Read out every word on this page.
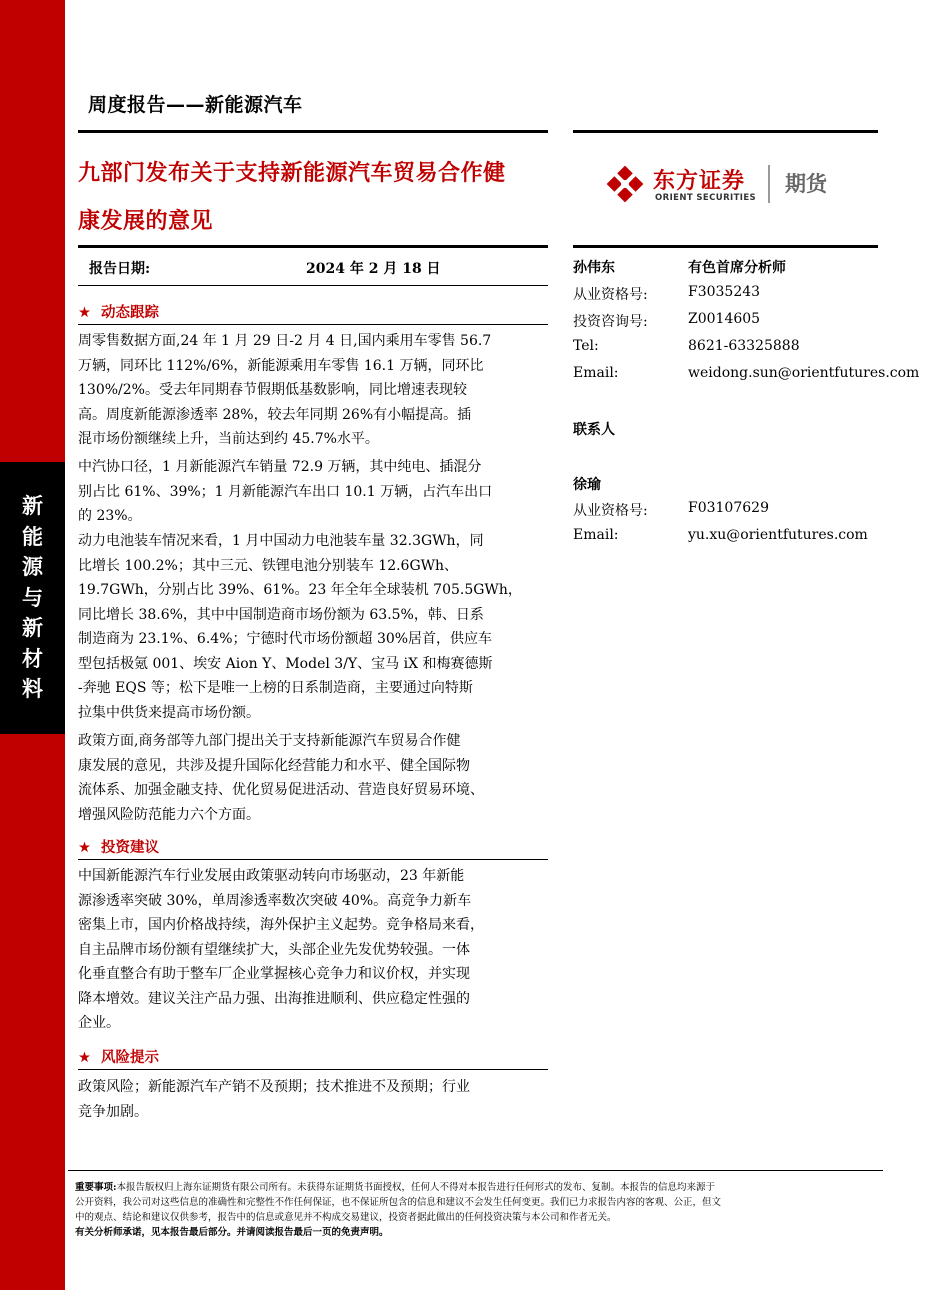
新
能
源
与
新
材
料
周度报告——新能源汽车
九部门发布关于支持新能源汽车贸易合作健
康发展的意见
东方证券
ORIENT SECURITIES
期货
报告日期:	2024 年 2 月 18 日
★ 动态跟踪
周零售数据方面,24 年 1 月 29 日-2 月 4 日,国内乘用车零售 56.7
万辆，同环比 112%/6%，新能源乘用车零售 16.1 万辆，同环比
130%/2%。受去年同期春节假期低基数影响，同比增速表现较
高。周度新能源渗透率 28%，较去年同期 26%有小幅提高。插
混市场份额继续上升，当前达到约 45.7%水平。
中汽协口径，1 月新能源汽车销量 72.9 万辆，其中纯电、插混分
别占比 61%、39%；1 月新能源汽车出口 10.1 万辆，占汽车出口
的 23%。
动力电池装车情况来看，1 月中国动力电池装车量 32.3GWh，同
比增长 100.2%；其中三元、铁锂电池分别装车 12.6GWh、
19.7GWh，分别占比 39%、61%。23 年全年全球装机 705.5GWh，
同比增长 38.6%，其中中国制造商市场份额为 63.5%，韩、日系
制造商为 23.1%、6.4%；宁德时代市场份额超 30%居首，供应车
型包括极氪 001、埃安 Aion Y、Model 3/Y、宝马 iX 和梅赛德斯
-奔驰 EQS 等；松下是唯一上榜的日系制造商，主要通过向特斯
拉集中供货来提高市场份额。
政策方面,商务部等九部门提出关于支持新能源汽车贸易合作健
康发展的意见，共涉及提升国际化经营能力和水平、健全国际物
流体系、加强金融支持、优化贸易促进活动、营造良好贸易环境、
增强风险防范能力六个方面。
★ 投资建议
中国新能源汽车行业发展由政策驱动转向市场驱动，23 年新能
源渗透率突破 30%，单周渗透率数次突破 40%。高竞争力新车
密集上市，国内价格战持续，海外保护主义起势。竞争格局来看，
自主品牌市场份额有望继续扩大，头部企业先发优势较强。一体
化垂直整合有助于整车厂企业掌握核心竞争力和议价权，并实现
降本增效。建议关注产品力强、出海推进顺利、供应稳定性强的
企业。
★ 风险提示
政策风险；新能源汽车产销不及预期；技术推进不及预期；行业
竞争加剧。
孙伟东	有色首席分析师
从业资格号:	F3035243
投资咨询号:	Z0014605
Tel:	8621-63325888
Email:	weidong.sun@orientfutures.com
联系人
徐瑜
从业资格号:	F03107629
Email:	yu.xu@orientfutures.com
重要事项:本报告版权归上海东证期货有限公司所有。未获得东证期货书面授权，任何人不得对本报告进行任何形式的发布、复制。本报告的信息均来源于
公开资料，我公司对这些信息的准确性和完整性不作任何保证，也不保证所包含的信息和建议不会发生任何变更。我们已力求报告内容的客观、公正，但文
中的观点、结论和建议仅供参考，报告中的信息或意见并不构成交易建议，投资者据此做出的任何投资决策与本公司和作者无关。
有关分析师承诺，见本报告最后部分。并请阅读报告最后一页的免责声明。
